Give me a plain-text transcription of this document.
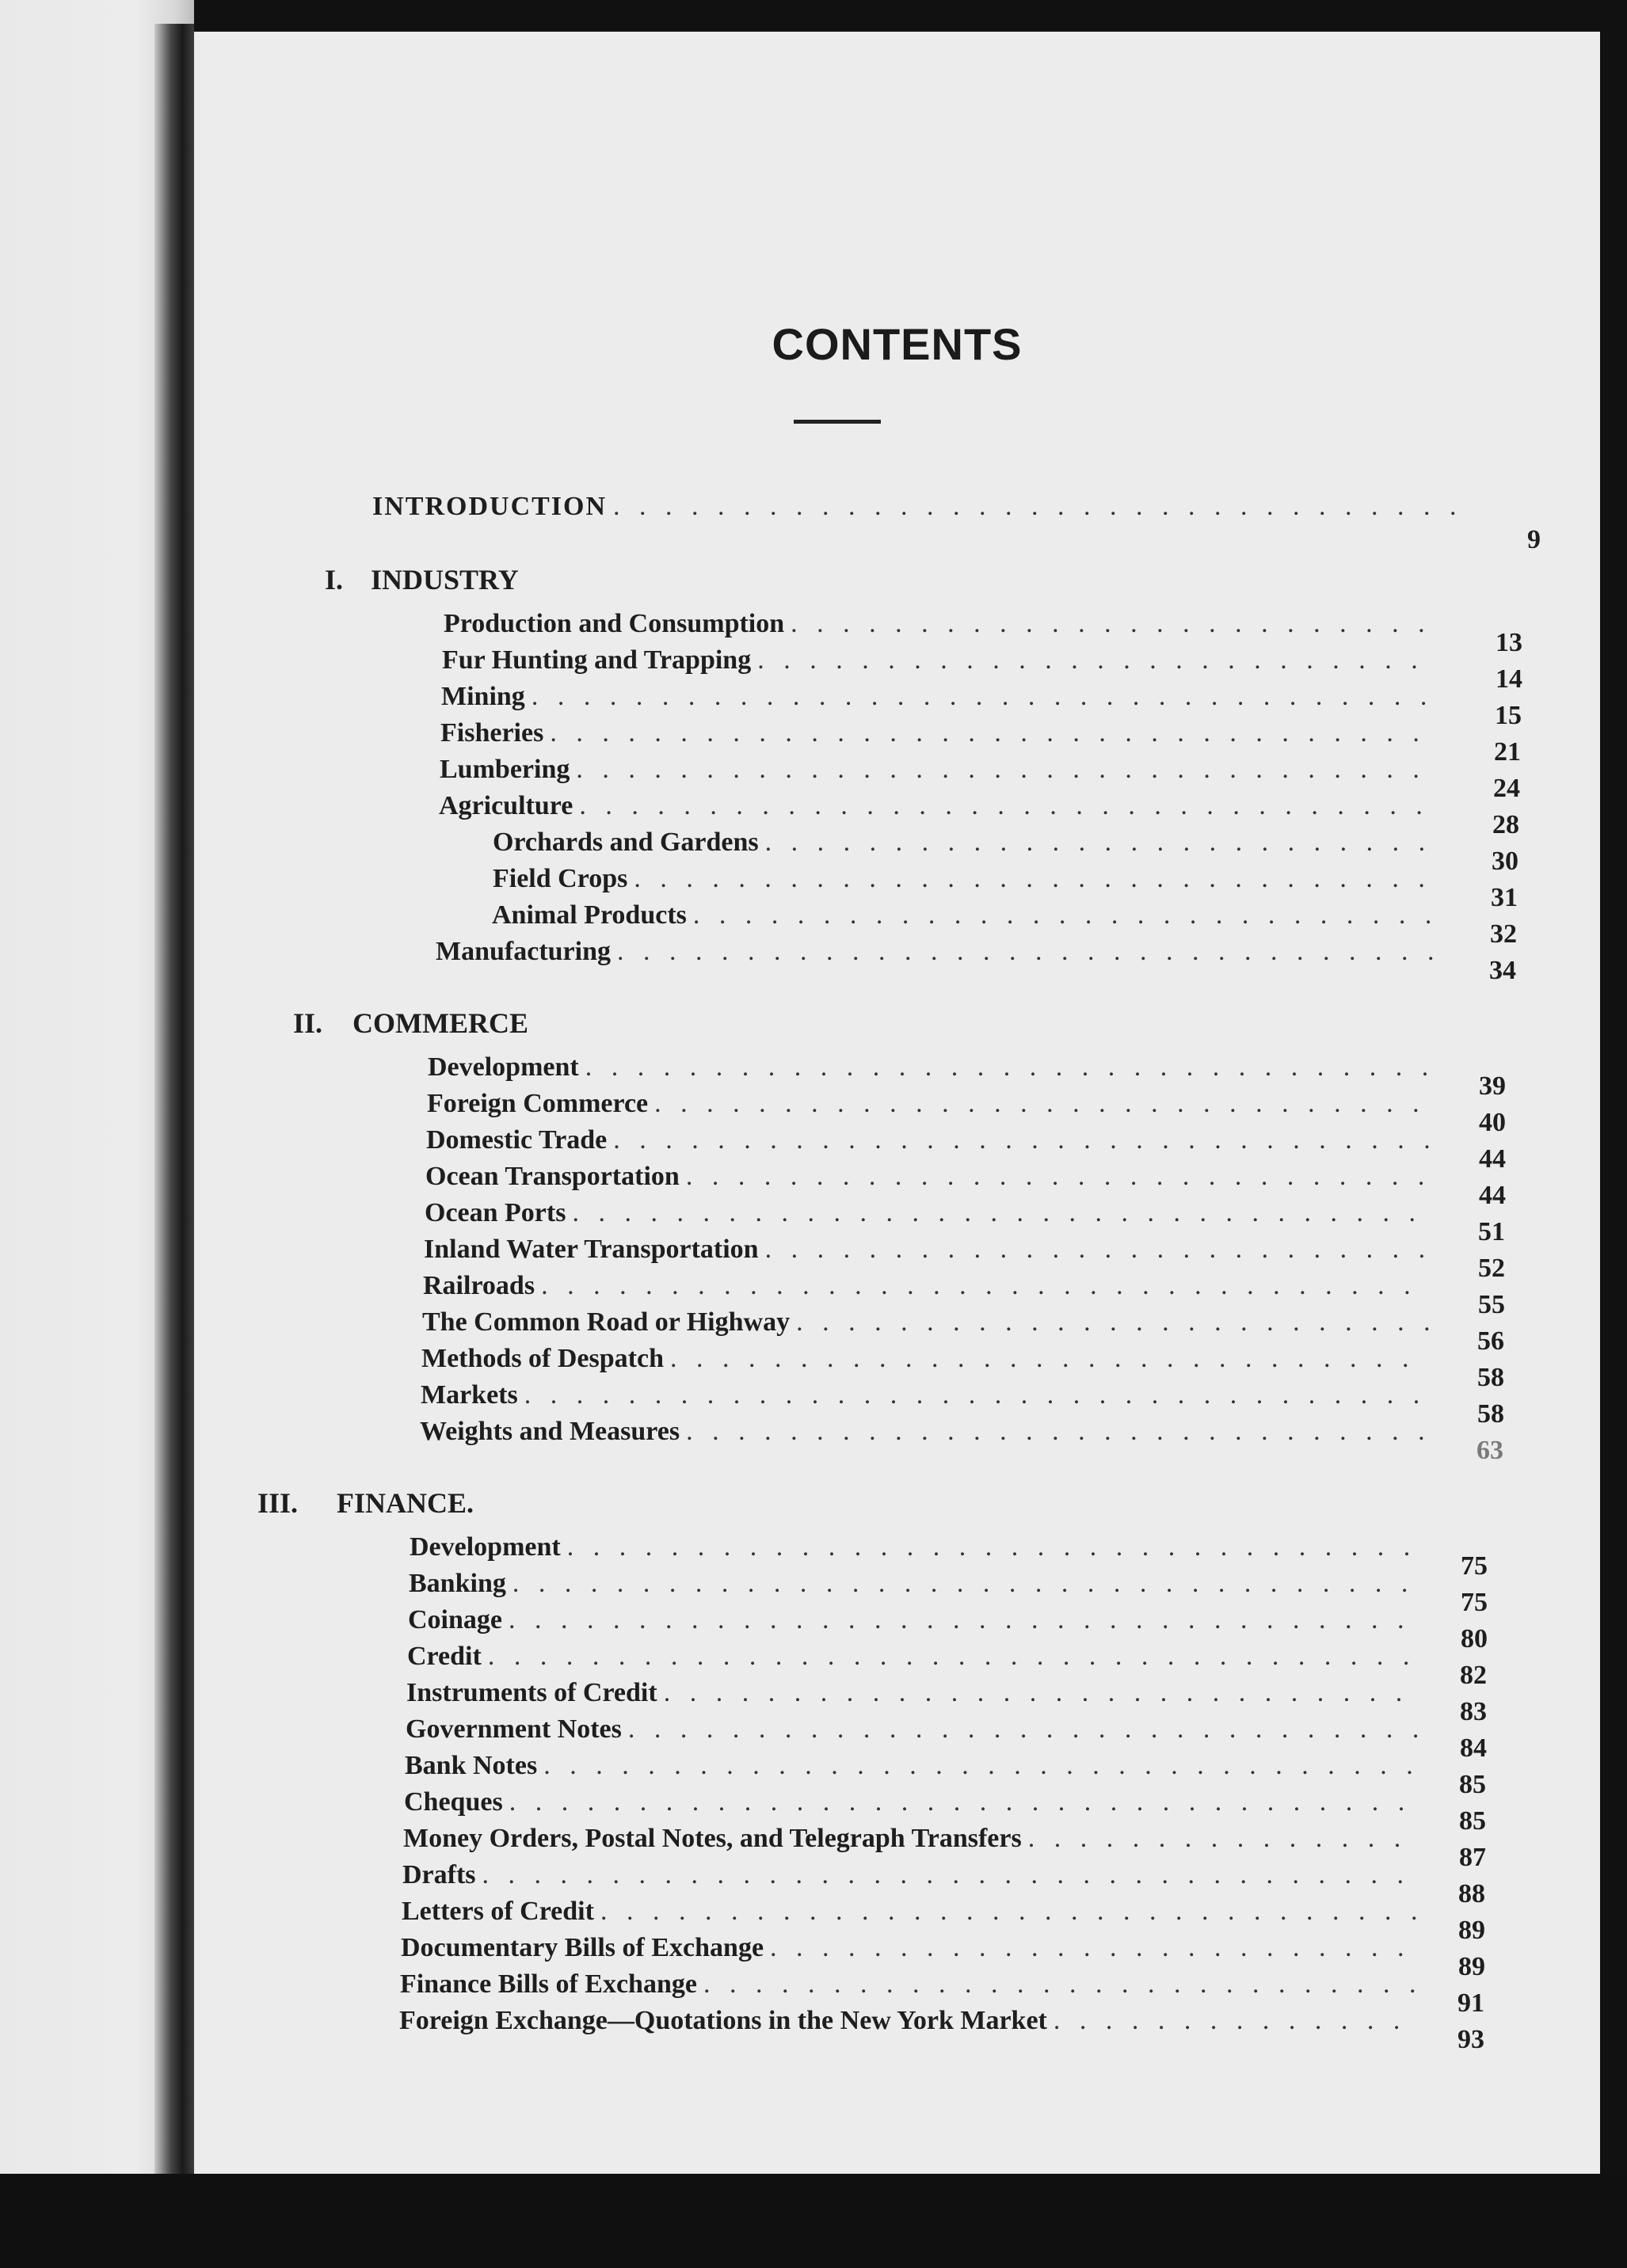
CONTENTS
INTRODUCTION
. . .
9
I. INDUSTRY
Production and Consumption
. . .
Fur Hunting and Trapping
. . .
Mining
. . .
Fisheries
. . .
Lumbering
. . .
Agriculture
. . .
Orchards and Gardens
. . .
Field Crops
. . .
Animal Products
. . .
Manufacturing
. . .
13
14
15
21
24
28
30
31
32
34
II. COMMERCE
Development
. . .
Foreign Commerce
. . .
Domestic Trade
. . .
Ocean Transportation
. . .
Ocean Ports
. . .
Inland Water Transportation
. . .
Railroads
. . .
The Common Road or Highway
. . .
Methods of Despatch
. . .
Markets
. . .
Weights and Measures
. . .
39
40
44
44
51
52
55
56
58
58
63
III. FINANCE.
Development
. . .
Banking
. . .
Coinage
. . .
Credit
. . .
Instruments of Credit
. . .
Government Notes
. . .
Bank Notes
. . .
Cheques
. . .
Money Orders, Postal Notes, and Telegraph Transfers
. . .
Drafts
. . .
Letters of Credit
. . .
Documentary Bills of Exchange
. . .
Finance Bills of Exchange
. . .
Foreign Exchange—Quotations in the New York Market
. . .
75
75
80
82
83
84
85
85
87
88
89
89
91
93
